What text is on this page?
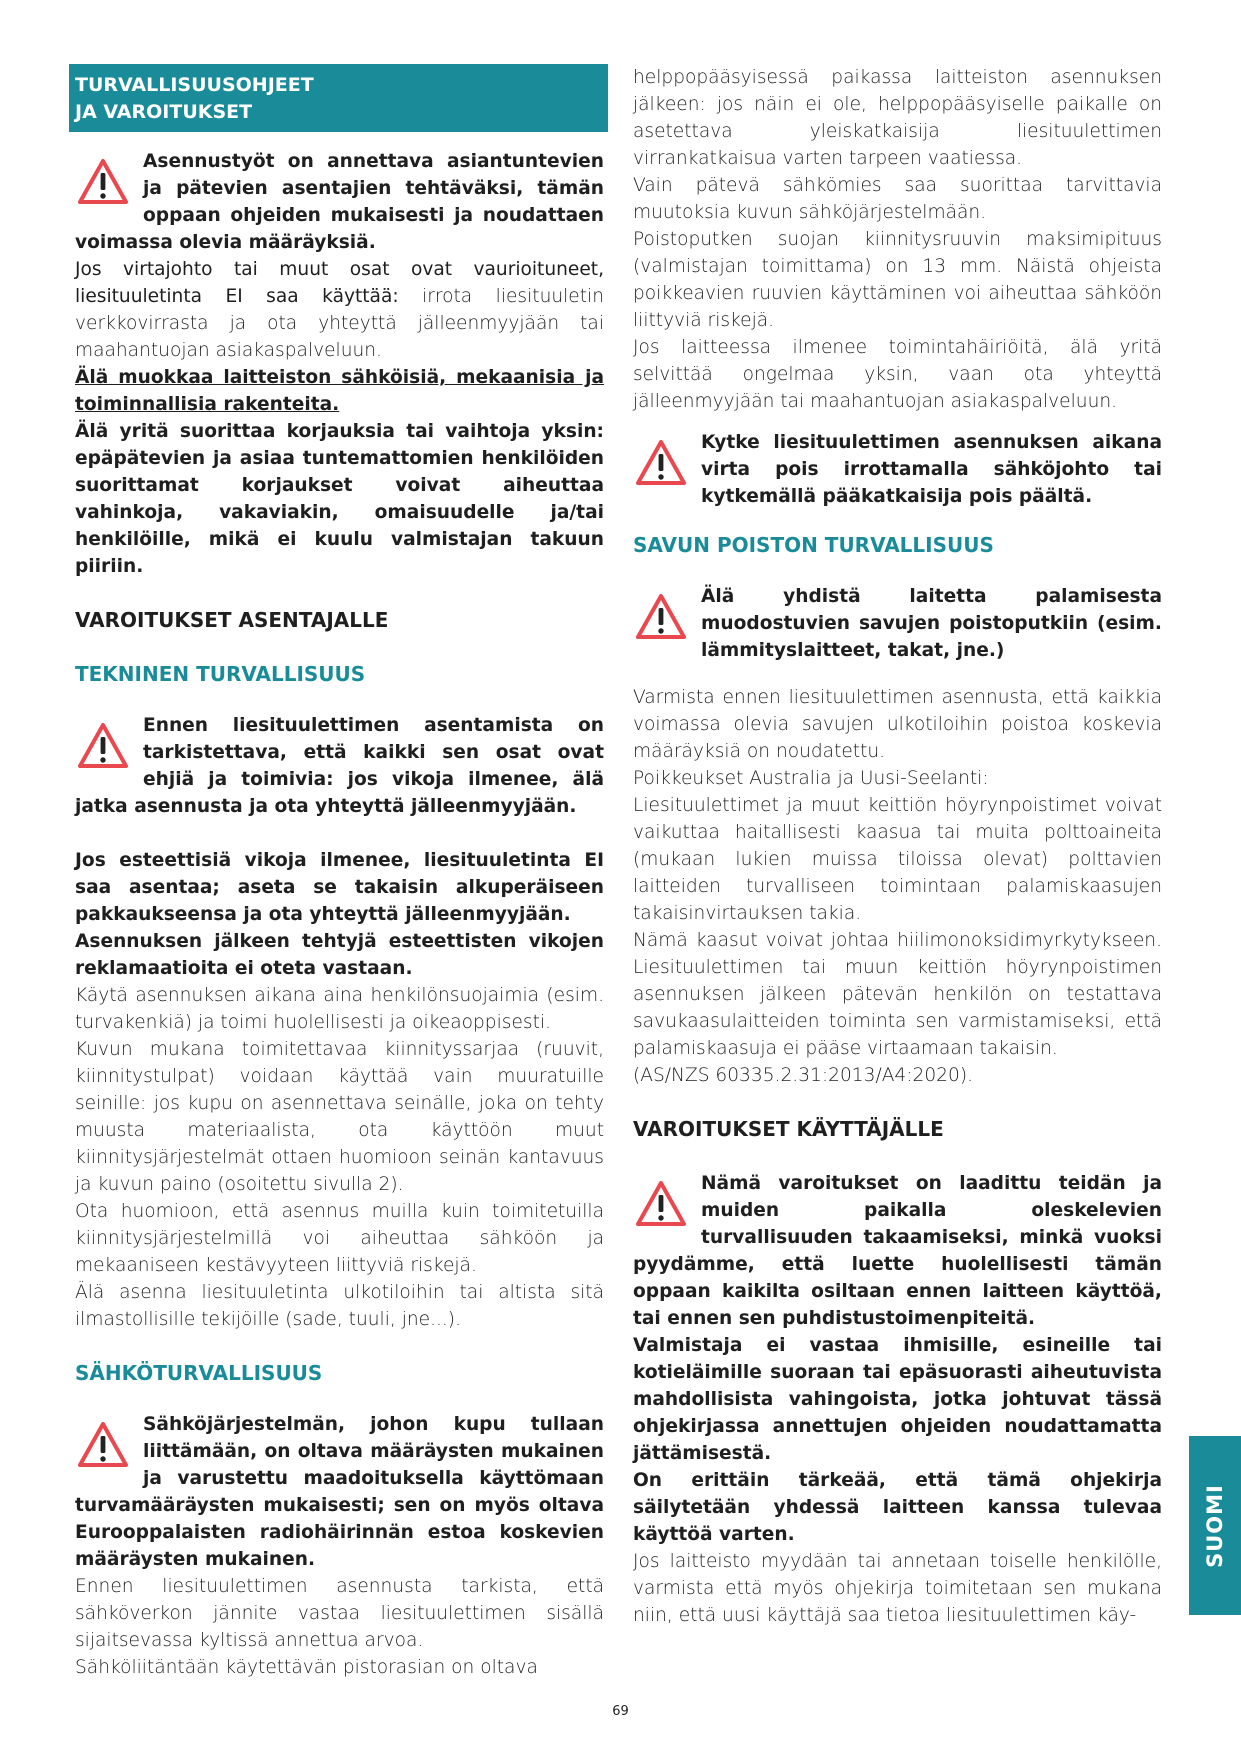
TURVALLISUUSOHJEET
JA VAROITUKSET

Asennustyöt on annettava asiantuntevien ja pätevien asentajien tehtäväksi, tämän oppaan ohjeiden mukaisesti ja noudattaen voimassa olevia määräyksiä.

Jos virtajohto tai muut osat ovat vaurioituneet, liesituuletinta EI saa käyttää: irrota liesituuletin verkkovirrasta ja ota yhteyttä jälleenmyyjään tai maahantuojan asiakaspalveluun.

Älä muokkaa laitteiston sähköisiä, mekaanisia ja toiminnallisia rakenteita.

Älä yritä suorittaa korjauksia tai vaihtoja yksin: epäpätevien ja asiaa tuntemattomien henkilöiden suorittamat korjaukset voivat aiheuttaa vahinkoja, vakaviakin, omaisuudelle ja/tai henkilöille, mikä ei kuulu valmistajan takuun piiriin.

VAROITUKSET ASENTAJALLE
TEKNINEN TURVALLISUUS

Ennen liesituulettimen asentamista on tarkistettava, että kaikki sen osat ovat ehjiä ja toimivia: jos vikoja ilmenee, älä jatka asennusta ja ota yhteyttä jälleenmyyjään.

Jos esteettisiä vikoja ilmenee, liesituuletinta EI saa asentaa; aseta se takaisin alkuperäiseen pakkaukseensa ja ota yhteyttä jälleenmyyjään.

Asennuksen jälkeen tehtyjä esteettisten vikojen reklamaatioita ei oteta vastaan.

Käytä asennuksen aikana aina henkilönsuojaimia (esim. turvakenkiä) ja toimi huolellisesti ja oikeaoppisesti.

Kuvun mukana toimitettavaa kiinnityssarjaa (ruuvit, kiinnitystulpat) voidaan käyttää vain muuratuille seinille: jos kupu on asennettava seinälle, joka on tehty muusta materiaalista, ota käyttöön muut kiinnitysjärjestelmät ottaen huomioon seinän kantavuus ja kuvun paino (osoitettu sivulla 2).

Ota huomioon, että asennus muilla kuin toimitetuilla kiinnitysjärjestelmillä voi aiheuttaa sähköön ja mekaaniseen kestävyyteen liittyviä riskejä.

Älä asenna liesituuletinta ulkotiloihin tai altista sitä ilmastollisille tekijöille (sade, tuuli, jne...).

SÄHKÖTURVALLISUUS

Sähköjärjestelmän, johon kupu tullaan liittämään, on oltava määräysten mukainen ja varustettu maadoituksella käyttömaan turvamääräysten mukaisesti; sen on myös oltava Eurooppalaisten radiohäirinnän estoa koskevien määräysten mukainen.

Ennen liesituulettimen asennusta tarkista, että sähköverkon jännite vastaa liesituulettimen sisällä sijaitsevassa kyltissä annettua arvoa.

Sähköliitäntään käytettävän pistorasian on oltava

helppopääsyisessä paikassa laitteiston asennuksen jälkeen: jos näin ei ole, helppopääsyiselle paikalle on asetettava yleiskatkaisija liesituulettimen virrankatkaisua varten tarpeen vaatiessa.

Vain pätevä sähkömies saa suorittaa tarvittavia muutoksia kuvun sähköjärjestelmään.

Poistoputken suojan kiinnitysruuvin maksimipituus (valmistajan toimittama) on 13 mm. Näistä ohjeista poikkeavien ruuvien käyttäminen voi aiheuttaa sähköön liittyviä riskejä.

Jos laitteessa ilmenee toimintahäiriöitä, älä yritä selvittää ongelmaa yksin, vaan ota yhteyttä jälleenmyyjään tai maahantuojan asiakaspalveluun.

Kytke liesituulettimen asennuksen aikana virta pois irrottamalla sähköjohto tai kytkemällä pääkatkaisija pois päältä.

SAVUN POISTON TURVALLISUUS

Älä yhdistä laitetta palamisesta muodostuvien savujen poistoputkiin (esim. lämmityslaitteet, takat, jne.)

Varmista ennen liesituulettimen asennusta, että kaikkia voimassa olevia savujen ulkotiloihin poistoa koskevia määräyksiä on noudatettu.

Poikkeukset Australia ja Uusi-Seelanti:

Liesituulettimet ja muut keittiön höyrynpoistimet voivat vaikuttaa haitallisesti kaasua tai muita polttoaineita (mukaan lukien muissa tiloissa olevat) polttavien laitteiden turvalliseen toimintaan palamiskaasujen takaisinvirtauksen takia.

Nämä kaasut voivat johtaa hiilimonoksidimyrkytykseen. Liesituulettimen tai muun keittiön höyrynpoistimen asennuksen jälkeen pätevän henkilön on testattava savukaasulaitteiden toiminta sen varmistamiseksi, että palamiskaasuja ei pääse virtaamaan takaisin.

(AS/NZS 60335.2.31:2013/A4:2020).

VAROITUKSET KÄYTTÄJÄLLE

Nämä varoitukset on laadittu teidän ja muiden paikalla oleskelevien turvallisuuden takaamiseksi, minkä vuoksi pyydämme, että luette huolellisesti tämän oppaan kaikilta osiltaan ennen laitteen käyttöä, tai ennen sen puhdistustoimenpiteitä.

Valmistaja ei vastaa ihmisille, esineille tai kotieläimille suoraan tai epäsuorasti aiheutuvista mahdollisista vahingoista, jotka johtuvat tässä ohjekirjassa annettujen ohjeiden noudattamatta jättämisestä.

On erittäin tärkeää, että tämä ohjekirja säilytetään yhdessä laitteen kanssa tulevaa käyttöä varten.

Jos laitteisto myydään tai annetaan toiselle henkilölle, varmista että myös ohjekirja toimitetaan sen mukana niin, että uusi käyttäjä saa tietoa liesituulettimen käy-

SUOMI
69
